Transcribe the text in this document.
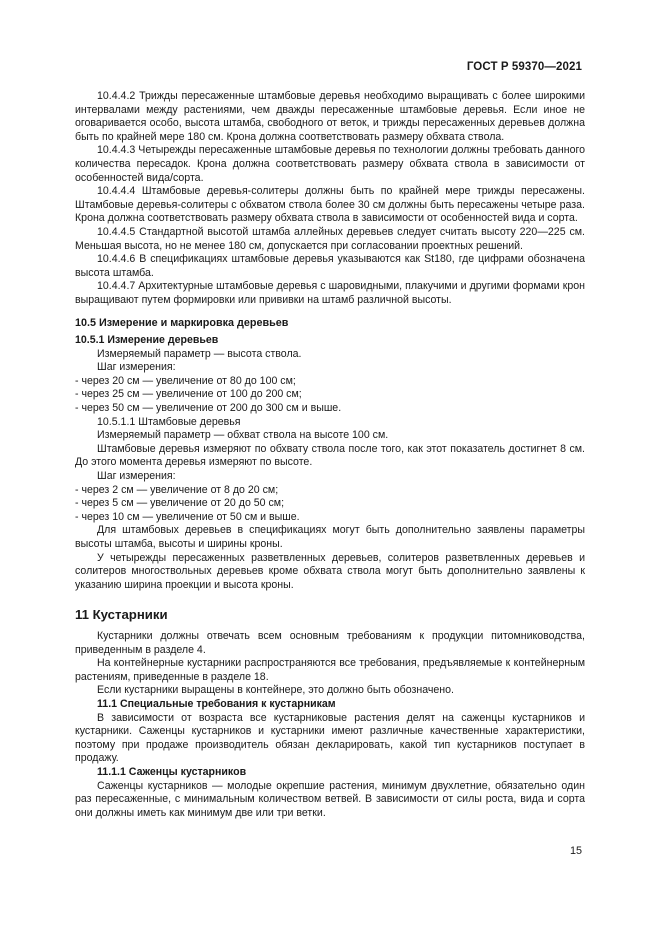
ГОСТ Р 59370—2021

10.4.4.2 Трижды пересаженные штамбовые деревья необходимо выращивать с более широкими интервалами между растениями, чем дважды пересаженные штамбовые деревья. Если иное не оговаривается особо, высота штамба, свободного от веток, и трижды пересаженных деревьев должна быть по крайней мере 180 см. Крона должна соответствовать размеру обхвата ствола.

10.4.4.3 Четырежды пересаженные штамбовые деревья по технологии должны требовать данного количества пересадок. Крона должна соответствовать размеру обхвата ствола в зависимости от особенностей вида/сорта.

10.4.4.4 Штамбовые деревья-солитеры должны быть по крайней мере трижды пересажены. Штамбовые деревья-солитеры с обхватом ствола более 30 см должны быть пересажены четыре раза. Крона должна соответствовать размеру обхвата ствола в зависимости от особенностей вида и сорта.

10.4.4.5 Стандартной высотой штамба аллейных деревьев следует считать высоту 220—225 см. Меньшая высота, но не менее 180 см, допускается при согласовании проектных решений.

10.4.4.6 В спецификациях штамбовые деревья указываются как St180, где цифрами обозначена высота штамба.

10.4.4.7 Архитектурные штамбовые деревья с шаровидными, плакучими и другими формами крон выращивают путем формировки или прививки на штамб различной высоты.

10.5 Измерение и маркировка деревьев

10.5.1 Измерение деревьев

Измеряемый параметр — высота ствола.

Шаг измерения:

- через 20 см — увеличение от 80 до 100 см;

- через 25 см — увеличение от 100 до 200 см;

- через 50 см — увеличение от 200 до 300 см и выше.

10.5.1.1 Штамбовые деревья

Измеряемый параметр — обхват ствола на высоте 100 см.

Штамбовые деревья измеряют по обхвату ствола после того, как этот показатель достигнет 8 см. До этого момента деревья измеряют по высоте.

Шаг измерения:

- через 2 см — увеличение от 8 до 20 см;

- через 5 см — увеличение от 20 до 50 см;

- через 10 см — увеличение от 50 см и выше.

Для штамбовых деревьев в спецификациях могут быть дополнительно заявлены параметры высоты штамба, высоты и ширины кроны.

У четырежды пересаженных разветвленных деревьев, солитеров разветвленных деревьев и солитеров многоствольных деревьев кроме обхвата ствола могут быть дополнительно заявлены к указанию ширина проекции и высота кроны.

11 Кустарники

Кустарники должны отвечать всем основным требованиям к продукции питомниководства, приведенным в разделе 4.

На контейнерные кустарники распространяются все требования, предъявляемые к контейнерным растениям, приведенные в разделе 18.

Если кустарники выращены в контейнере, это должно быть обозначено.

11.1 Специальные требования к кустарникам

В зависимости от возраста все кустарниковые растения делят на саженцы кустарников и кустарники. Саженцы кустарников и кустарники имеют различные качественные характеристики, поэтому при продаже производитель обязан декларировать, какой тип кустарников поступает в продажу.

11.1.1 Саженцы кустарников

Саженцы кустарников — молодые окрепшие растения, минимум двухлетние, обязательно один раз пересаженные, с минимальным количеством ветвей. В зависимости от силы роста, вида и сорта они должны иметь как минимум две или три ветки.

15
